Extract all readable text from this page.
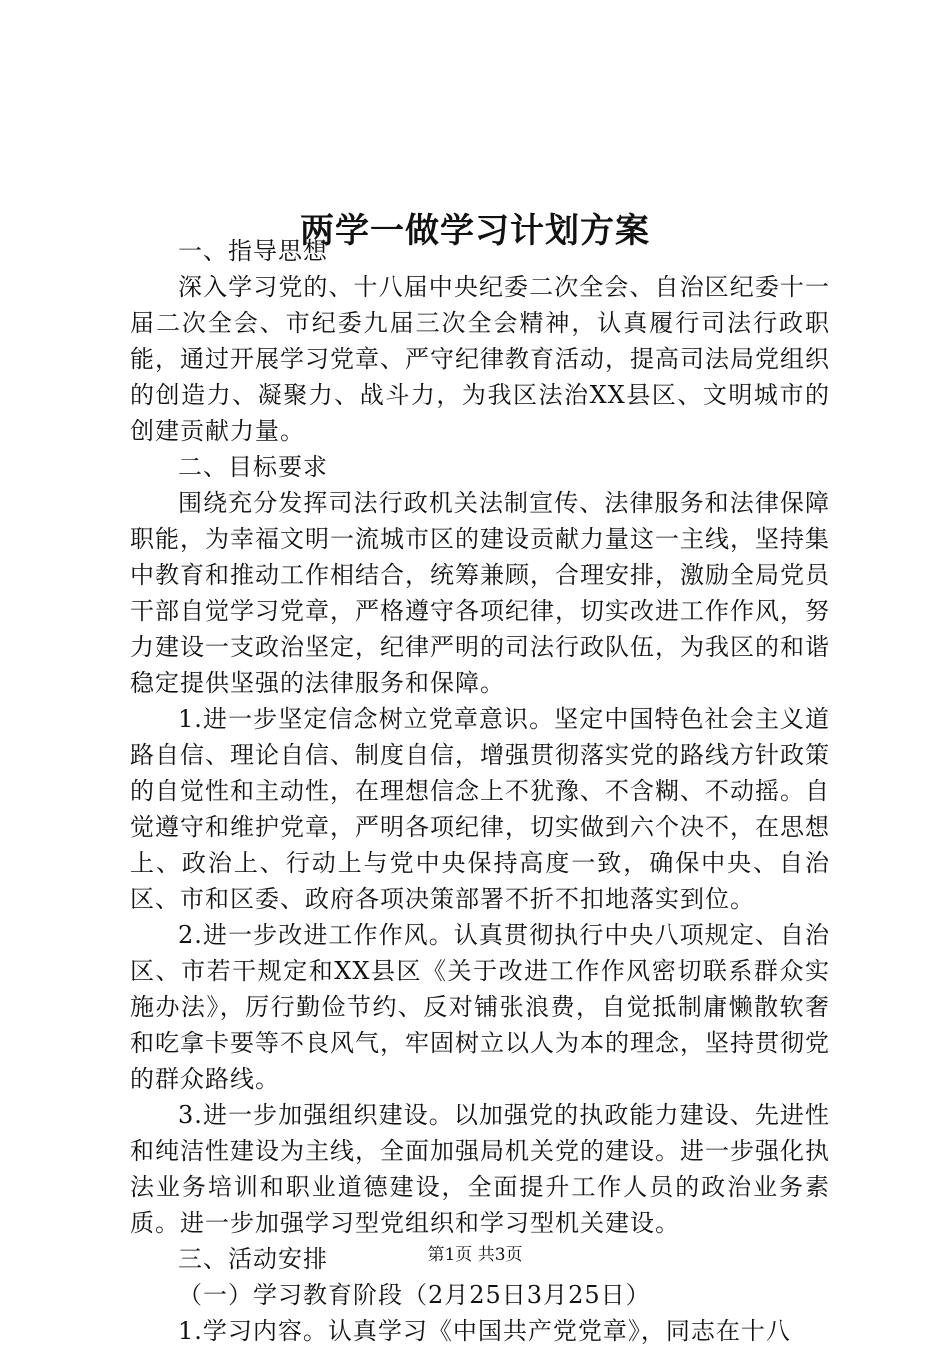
两学一做学习计划方案

一、指导思想

深入学习党的、十八届中央纪委二次全会、自治区纪委十一届二次全会、市纪委九届三次全会精神，认真履行司法行政职能，通过开展学习党章、严守纪律教育活动，提高司法局党组织的创造力、凝聚力、战斗力，为我区法治XX县区、文明城市的创建贡献力量。

二、目标要求

围绕充分发挥司法行政机关法制宣传、法律服务和法律保障职能，为幸福文明一流城市区的建设贡献力量这一主线，坚持集中教育和推动工作相结合，统筹兼顾，合理安排，激励全局党员干部自觉学习党章，严格遵守各项纪律，切实改进工作作风，努力建设一支政治坚定，纪律严明的司法行政队伍，为我区的和谐稳定提供坚强的法律服务和保障。

1.进一步坚定信念树立党章意识。坚定中国特色社会主义道路自信、理论自信、制度自信，增强贯彻落实党的路线方针政策的自觉性和主动性，在理想信念上不犹豫、不含糊、不动摇。自觉遵守和维护党章，严明各项纪律，切实做到六个决不，在思想上、政治上、行动上与党中央保持高度一致，确保中央、自治区、市和区委、政府各项决策部署不折不扣地落实到位。

2.进一步改进工作作风。认真贯彻执行中央八项规定、自治区、市若干规定和XX县区《关于改进工作作风密切联系群众实施办法》，厉行勤俭节约、反对铺张浪费，自觉抵制庸懒散软奢和吃拿卡要等不良风气，牢固树立以人为本的理念，坚持贯彻党的群众路线。

3.进一步加强组织建设。以加强党的执政能力建设、先进性和纯洁性建设为主线，全面加强局机关党的建设。进一步强化执法业务培训和职业道德建设，全面提升工作人员的政治业务素质。进一步加强学习型党组织和学习型机关建设。

三、活动安排

（一）学习教育阶段（2月25日3月25日）

1.学习内容。认真学习《中国共产党党章》，同志在十八

第1页 共3页
